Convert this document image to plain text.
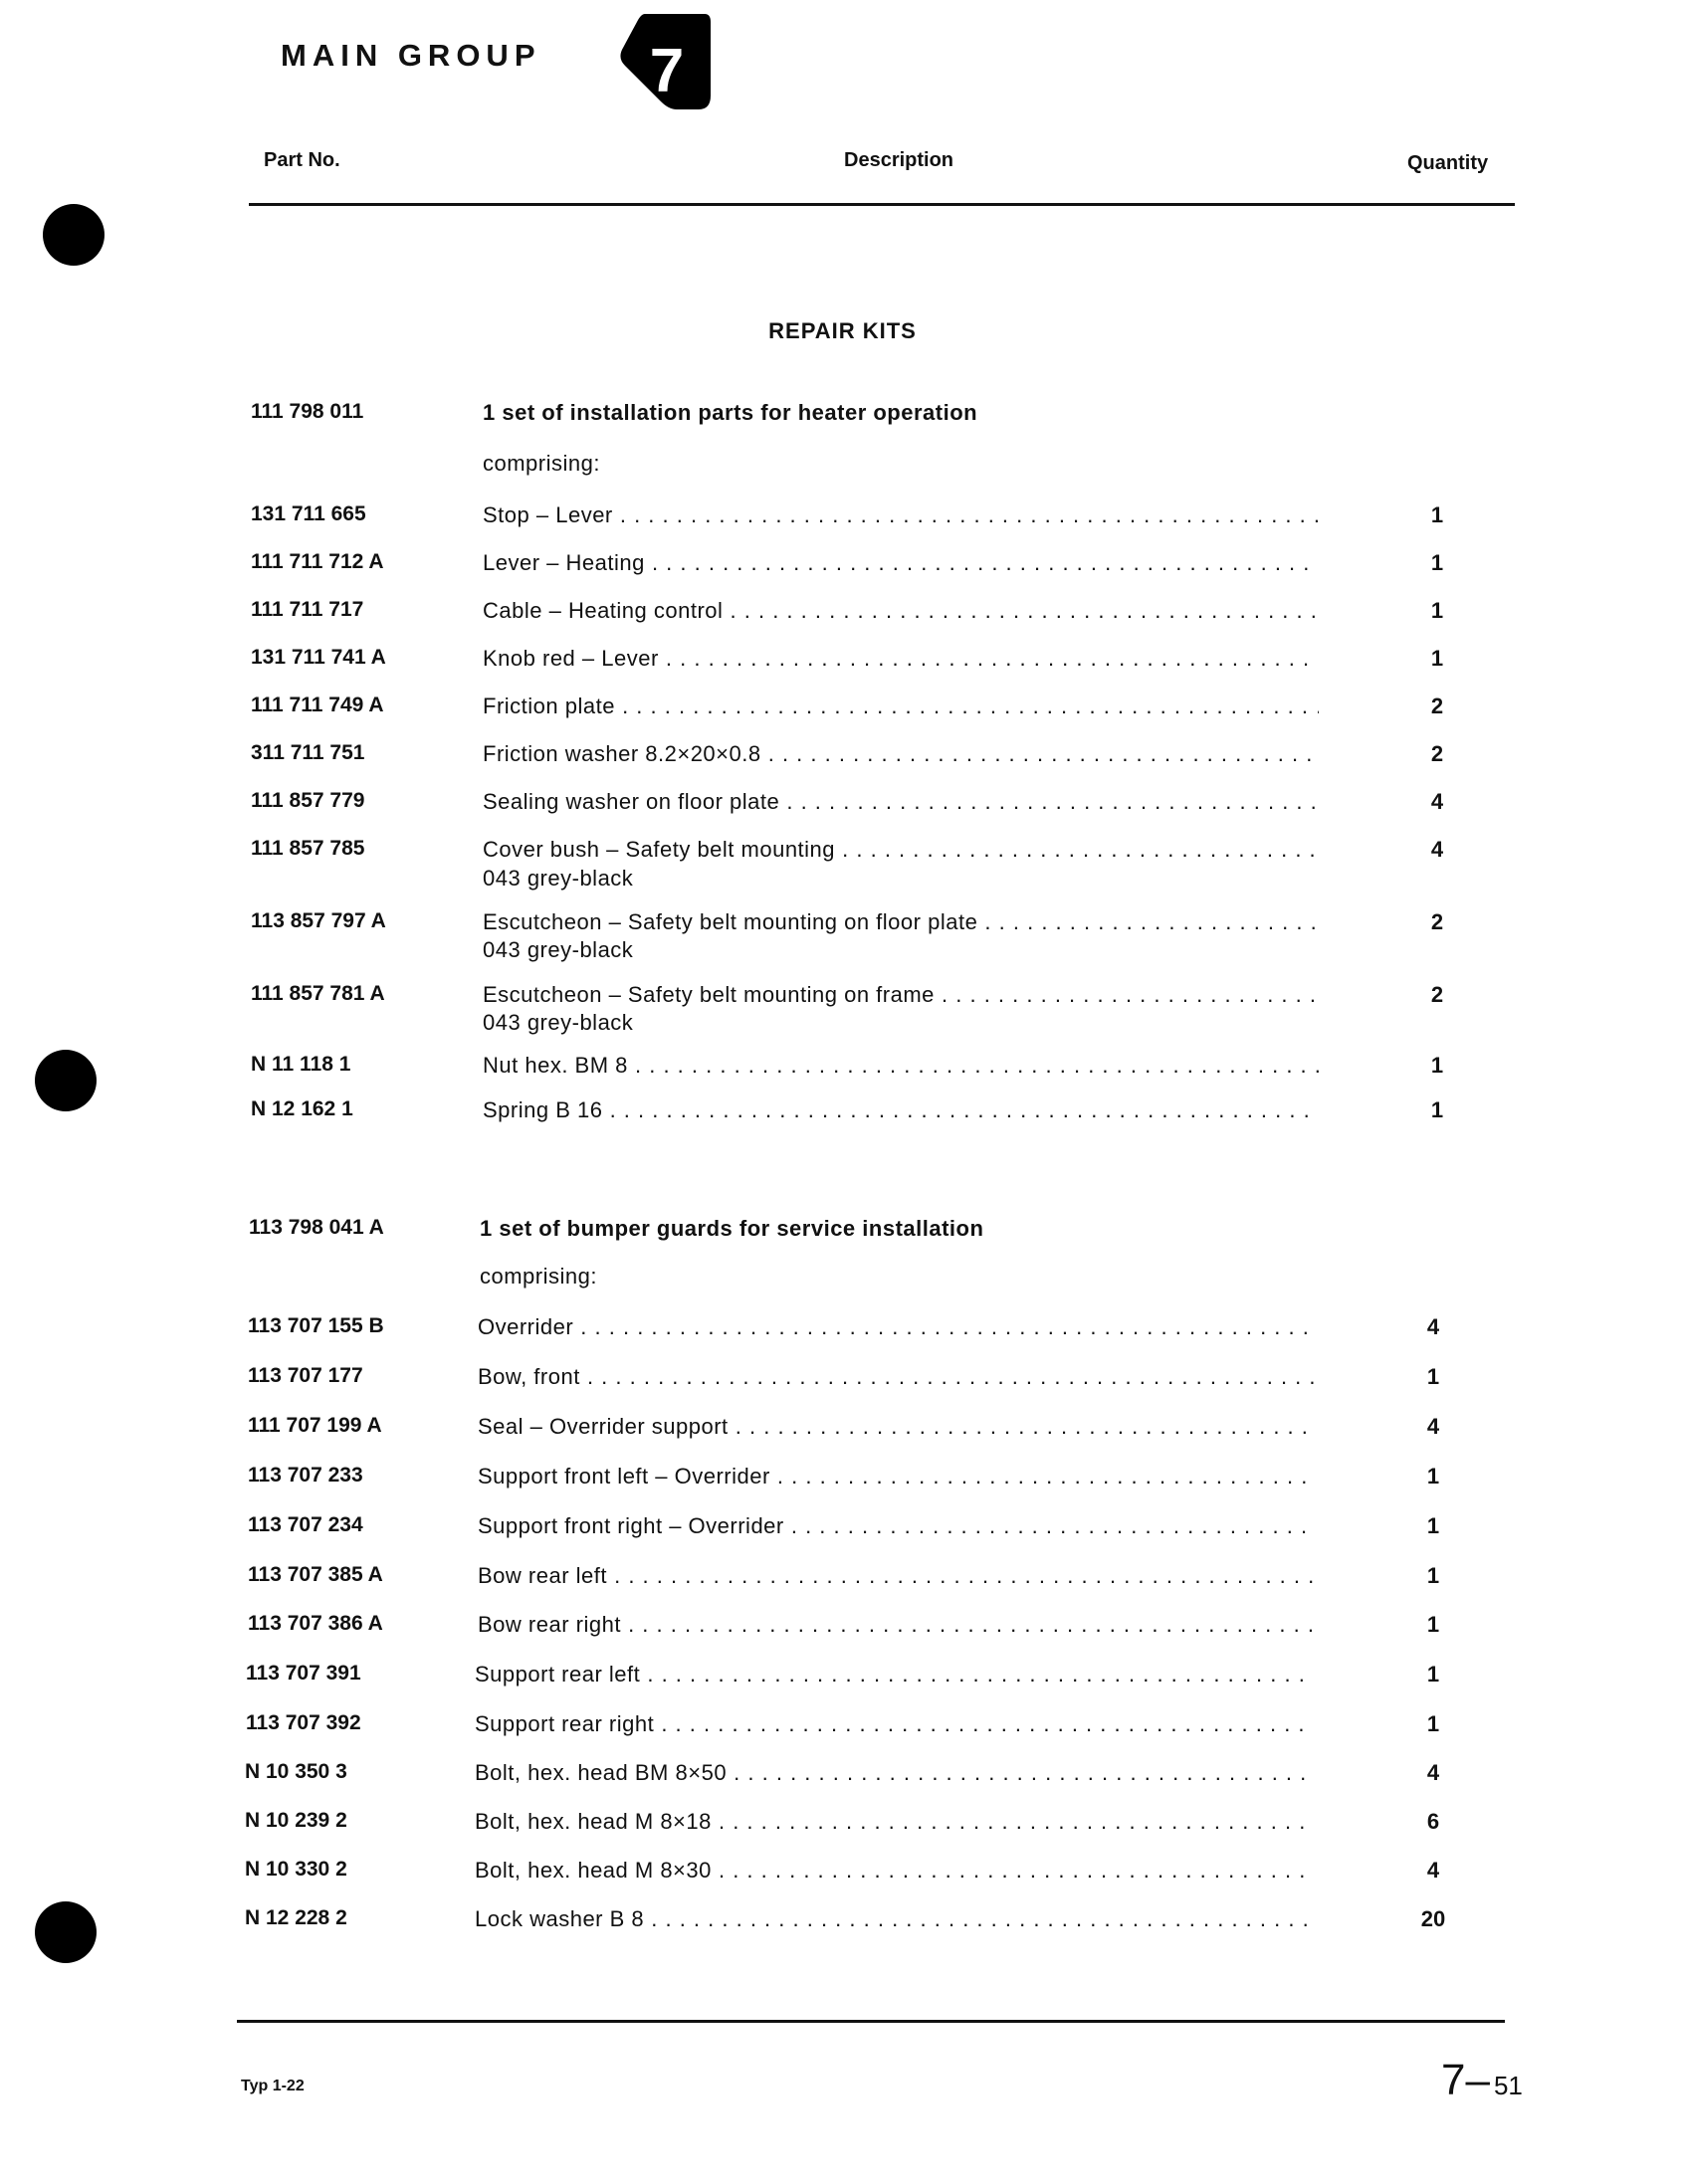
MAIN GROUP 7
Part No.	Description	Quantity
REPAIR KITS
111 798 011	1 set of installation parts for heater operation
comprising:
131 711 665	Stop – Lever . . .	1
111 711 712 A	Lever – Heating . . .	1
111 711 717	Cable – Heating control . . .	1
131 711 741 A	Knob red – Lever . . .	1
111 711 749 A	Friction plate . . .	2
311 711 751	Friction washer 8.2×20×0.8 . . .	2
111 857 779	Sealing washer on floor plate . . .	4
111 857 785	Cover bush – Safety belt mounting . . .	4
043 grey-black
113 857 797 A	Escutcheon – Safety belt mounting on floor plate . . .	2
043 grey-black
111 857 781 A	Escutcheon – Safety belt mounting on frame . . .	2
043 grey-black
N 11 118 1	Nut hex. BM 8 . . .	1
N 12 162 1	Spring B 16 . . .	1
113 798 041 A	1 set of bumper guards for service installation
comprising:
113 707 155 B	Overrider . . .	4
113 707 177	Bow, front . . .	1
111 707 199 A	Seal – Overrider support . . .	4
113 707 233	Support front left – Overrider . . .	1
113 707 234	Support front right – Overrider . . .	1
113 707 385 A	Bow rear left . . .	1
113 707 386 A	Bow rear right . . .	1
113 707 391	Support rear left . . .	1
113 707 392	Support rear right . . .	1
N 10 350 3	Bolt, hex. head BM 8×50 . . .	4
N 10 239 2	Bolt, hex. head M 8×18 . . .	6
N 10 330 2	Bolt, hex. head M 8×30 . . .	4
N 12 228 2	Lock washer B 8 . . .	20
Typ 1-22	7– 51
